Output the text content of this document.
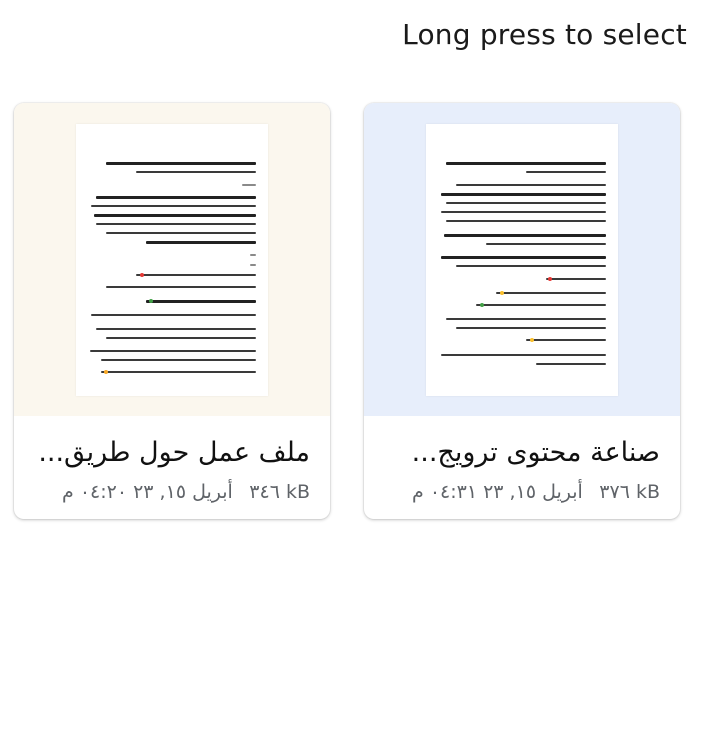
Long press to select
ملف عمل حول طريق...
أبريل ١٥, ٢٣ ٠٤:٢٠ م ٣٤٦ kB
صناعة محتوى ترويج...
أبريل ١٥, ٢٣ ٠٤:٣١ م ٣٧٦ kB
